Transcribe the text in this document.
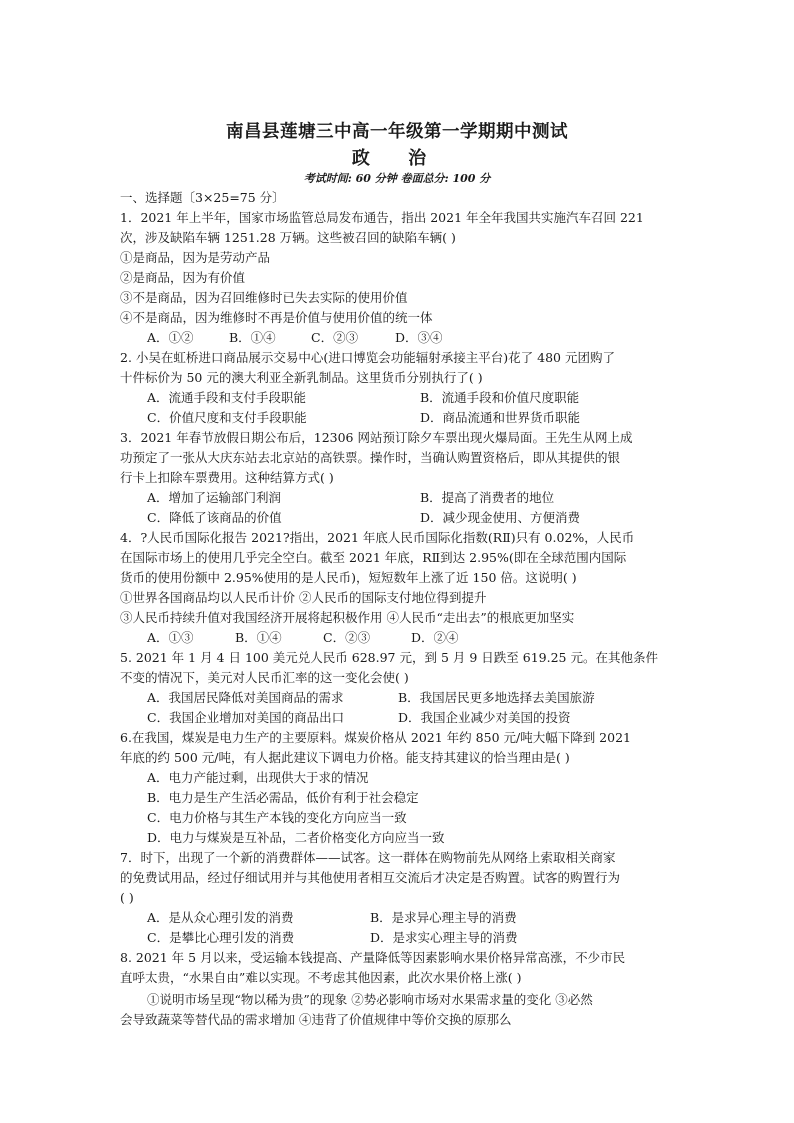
南昌县莲塘三中高一年级第一学期期中测试
政 治
考试时间: 60 分钟 卷面总分: 100 分
一、选择题〔3×25=75 分〕
1．2021 年上半年，国家市场监管总局发布通告，指出 2021 年全年我国共实施汽车召回 221
次，涉及缺陷车辆 1251.28 万辆。这些被召回的缺陷车辆( )
①是商品，因为是劳动产品
②是商品，因为有价值
③不是商品，因为召回维修时已失去实际的使用价值
④不是商品，因为维修时不再是价值与使用价值的统一体
A．①②	B．①④	C．②③	D．③④
2. 小吴在虹桥进口商品展示交易中心(进口博览会功能辐射承接主平台)花了 480 元团购了
十件标价为 50 元的澳大利亚全新乳制品。这里货币分别执行了( )
A．流通手段和支付手段职能	B．流通手段和价值尺度职能
C．价值尺度和支付手段职能	D．商品流通和世界货币职能
3．2021 年春节放假日期公布后，12306 网站预订除夕车票出现火爆局面。王先生从网上成
功预定了一张从大庆东站去北京站的高铁票。操作时，当确认购置资格后，即从其提供的银
行卡上扣除车票费用。这种结算方式( )
A．增加了运输部门利润	B．提高了消费者的地位
C．降低了该商品的价值	D．减少现金使用、方便消费
4．?人民币国际化报告 2021?指出，2021 年底人民币国际化指数(RⅡ)只有 0.02%，人民币
在国际市场上的使用几乎完全空白。截至 2021 年底，RⅡ到达 2.95%(即在全球范围内国际
货币的使用份额中 2.95%使用的是人民币)，短短数年上涨了近 150 倍。这说明( )
①世界各国商品均以人民币计价 ②人民币的国际支付地位得到提升
③人民币持续升值对我国经济开展将起积极作用 ④人民币“走出去”的根底更加坚实
A．①③	B．①④	C．②③	D．②④
5. 2021 年 1 月 4 日 100 美元兑人民币 628.97 元，到 5 月 9 日跌至 619.25 元。在其他条件
不变的情况下，美元对人民币汇率的这一变化会使( )
A．我国居民降低对美国商品的需求	B．我国居民更多地选择去美国旅游
C．我国企业增加对美国的商品出口	D．我国企业减少对美国的投资
6.在我国，煤炭是电力生产的主要原料。煤炭价格从 2021 年约 850 元/吨大幅下降到 2021
年底的约 500 元/吨，有人据此建议下调电力价格。能支持其建议的恰当理由是( )
A．电力产能过剩，出现供大于求的情况
B．电力是生产生活必需品，低价有利于社会稳定
C．电力价格与其生产本钱的变化方向应当一致
D．电力与煤炭是互补品，二者价格变化方向应当一致
7．时下，出现了一个新的消费群体——试客。这一群体在购物前先从网络上索取相关商家
的免费试用品，经过仔细试用并与其他使用者相互交流后才决定是否购置。试客的购置行为
( )
A．是从众心理引发的消费	B．是求异心理主导的消费
C．是攀比心理引发的消费	D．是求实心理主导的消费
8. 2021 年 5 月以来，受运输本钱提高、产量降低等因素影响水果价格异常高涨，不少市民
直呼太贵，“水果自由”难以实现。不考虑其他因素，此次水果价格上涨( )
①说明市场呈现“物以稀为贵”的现象 ②势必影响市场对水果需求量的变化 ③必然
会导致蔬菜等替代品的需求增加 ④违背了价值规律中等价交换的原那么
